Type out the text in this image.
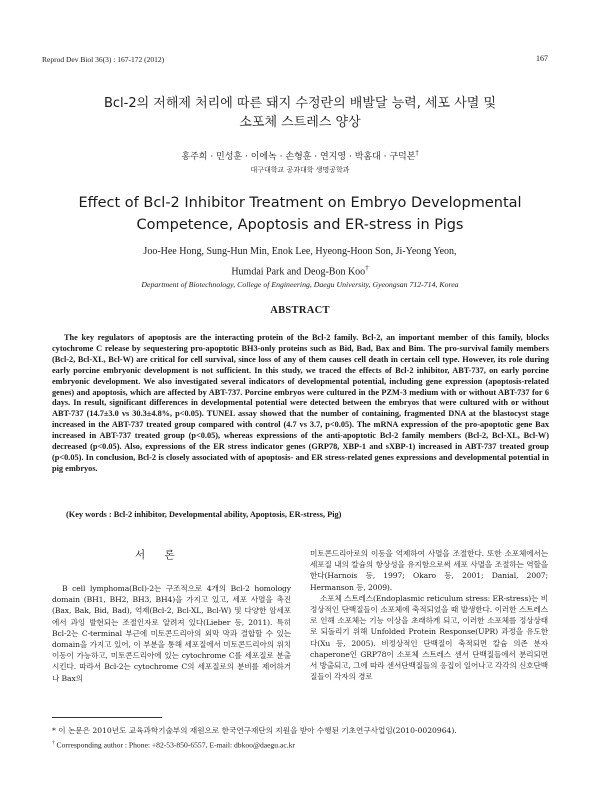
Reprod Dev Biol 36(3) : 167-172 (2012)	167
Bcl-2의 저해제 처리에 따른 돼지 수정란의 배발달 능력, 세포 사멸 및
소포체 스트레스 양상
홍주희 · 민성훈 · 이에녹 · 손형훈 · 연지영 · 박홈대 · 구덕본†
대구대학교 공과대학 생명공학과
Effect of Bcl-2 Inhibitor Treatment on Embryo Developmental
Competence, Apoptosis and ER-stress in Pigs
Joo-Hee Hong, Sung-Hun Min, Enok Lee, Hyeong-Hoon Son, Ji-Yeong Yeon,
Humdai Park and Deog-Bon Koo†
Department of Biotechnology, College of Engineering, Daegu University, Gyeongsan 712-714, Korea
ABSTRACT
The key regulators of apoptosis are the interacting protein of the Bcl-2 family. Bcl-2, an important member of this family, blocks cytochrome C release by sequestering pro-apoptotic BH3-only proteins such as Bid, Bad, Bax and Bim. The pro-survival family members (Bcl-2, Bcl-XL, Bcl-W) are critical for cell survival, since loss of any of them causes cell death in certain cell type. However, its role during early porcine embryonic development is not sufficient. In this study, we traced the effects of Bcl-2 inhibitor, ABT-737, on early porcine embryonic development. We also investigated several indicators of developmental potential, including gene expression (apoptosis-related genes) and apoptosis, which are affected by ABT-737. Porcine embryos were cultured in the PZM-3 medium with or without ABT-737 for 6 days. In result, significant differences in developmental potential were detected between the embryos that were cultured with or without ABT-737 (14.7±3.0 vs 30.3±4.8%, p<0.05). TUNEL assay showed that the number of containing, fragmented DNA at the blastocyst stage increased in the ABT-737 treated group compared with control (4.7 vs 3.7, p<0.05). The mRNA expression of the pro-apoptotic gene Bax increased in ABT-737 treated group (p<0.05), whereas expressions of the anti-apoptotic Bcl-2 family members (Bcl-2, Bcl-XL, Bcl-W) decreased (p<0.05). Also, expressions of the ER stress indicator genes (GRP78, XBP-1 and sXBP-1) increased in ABT-737 treated group (p<0.05). In conclusion, Bcl-2 is closely associated with of apoptosis- and ER stress-related genes expressions and developmental potential in pig embryos.
(Key words : Bcl-2 inhibitor, Developmental ability, Apoptosis, ER-stress, Pig)
서 론
B cell lymphoma(Bcl)-2는 구조적으로 4개의 Bcl-2 homology domain (BH1, BH2, BH3, BH4)을 가지고 있고, 세포 사멸을 촉진(Bax, Bak, Bid, Bad), 억제(Bcl-2, Bcl-XL, Bcl-W) 및 다양한 암세포에서 과잉 발현되는 조절인자로 알려져 있다(Lieber 등, 2011). 특히 Bcl-2는 C-terminal 부근에 미토콘드리아의 외막 막과 결합할 수 있는 domain을 가지고 있어, 이 부분을 통해 세포질에서 미토콘드리아의 위치 이동이 가능하고, 미토콘드리아에 있는 cytochrome C를 세포질로 분출시킨다. 따라서 Bcl-2는 cytochrome C의 세포질로의 분비를 제어하거나 Bax의

미토콘드리아로의 이동을 억제하여 사멸을 조절한다. 또한 소포체에서는 세포질 내의 칼슘의 항상성을 유지함으로써 세포 사멸을 조절하는 역할을 한다(Harnois 등, 1997; Okaro 등, 2001; Danial, 2007; Hermanson 등, 2009).

소포체 스트레스(Endoplasmic reticulum stress: ER-stress)는 비정상적인 단백질들이 소포체에 축적되었을 때 발생한다. 이러한 스트레스로 인해 소포체는 기능 이상을 초래하게 되고, 이러한 소포체를 정상상태로 되돌리기 위해 Unfolded Protein Response(UPR) 과정을 유도한다(Xu 등, 2005). 비정상적인 단백질이 축적되면 칼슘 의존 분자 chaperone인 GRP78이 소포체 스트레스 센서 단백질들에서 분리되면서 방출되고, 그에 따라 센서단백질들의 응집이 일어나고 각각의 신호단백질들이 각자의 경로

* 이 논문은 2010년도 교육과학기술부의 재원으로 한국연구재단의 지원을 받아 수행된 기초연구사업임(2010-0020964).
† Corresponding author : Phone: +82-53-850-6557, E-mail: dbkoo@daegu.ac.kr
